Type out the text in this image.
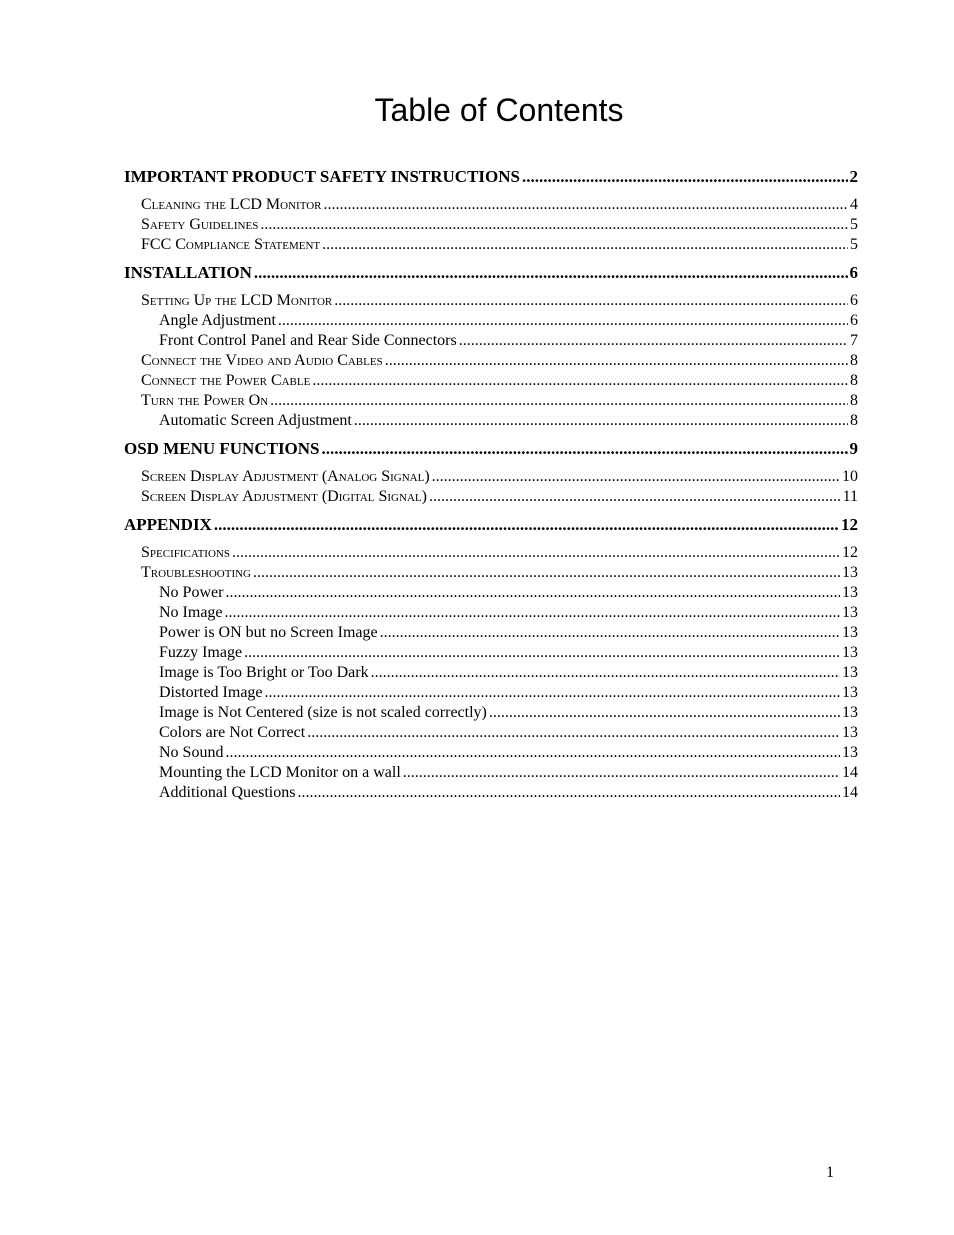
Table of Contents
IMPORTANT PRODUCT SAFETY INSTRUCTIONS .....	2
Cleaning the LCD Monitor .....	4
Safety Guidelines .....	5
FCC Compliance Statement .....	5
INSTALLATION .....	6
Setting Up the LCD Monitor .....	6
Angle Adjustment .....	6
Front Control Panel and Rear Side Connectors .....	7
Connect the Video and Audio Cables .....	8
Connect the Power Cable .....	8
Turn the Power On .....	8
Automatic Screen Adjustment .....	8
OSD MENU FUNCTIONS .....	9
Screen Display Adjustment (Analog Signal) .....	10
Screen Display Adjustment (Digital Signal) .....	11
APPENDIX .....	12
Specifications .....	12
Troubleshooting .....	13
No Power .....	13
No Image .....	13
Power is ON but no Screen Image .....	13
Fuzzy Image .....	13
Image is Too Bright or Too Dark .....	13
Distorted Image .....	13
Image is Not Centered (size is not scaled correctly) .....	13
Colors are Not Correct .....	13
No Sound .....	13
Mounting the LCD Monitor on a wall .....	14
Additional Questions .....	14
1
